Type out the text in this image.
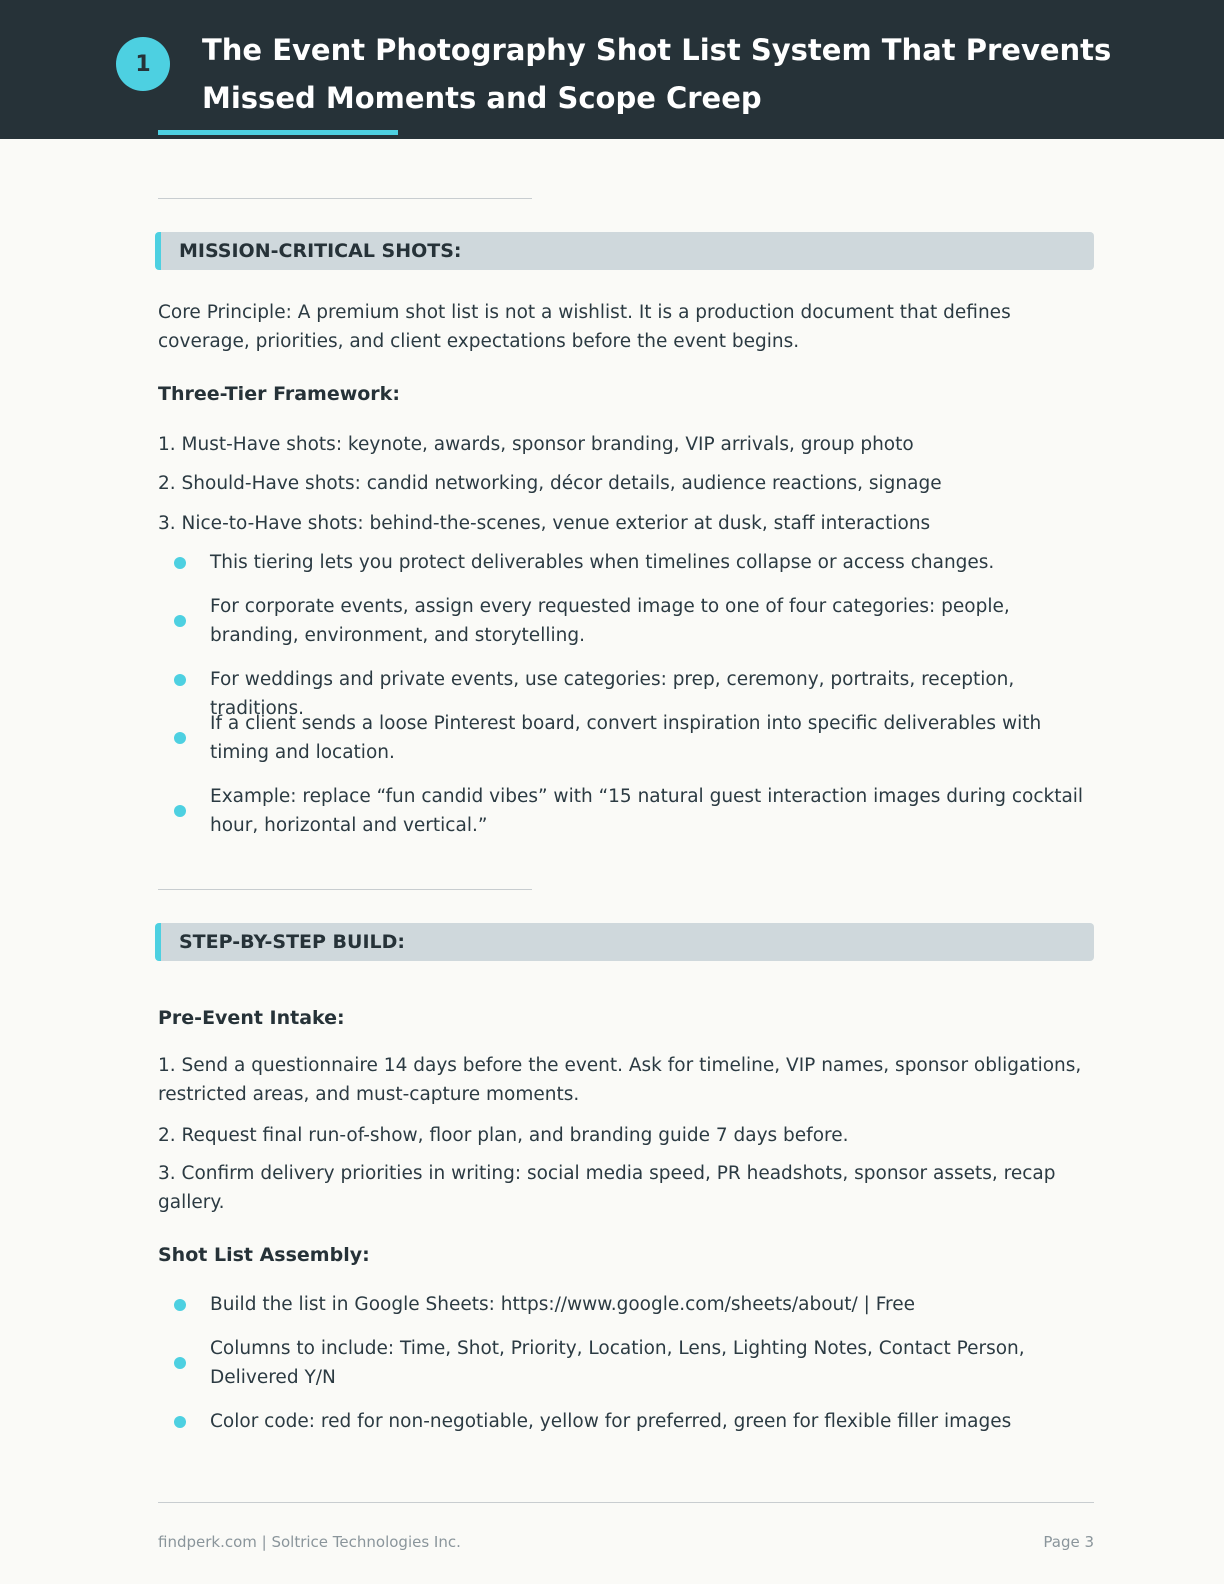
1	The Event Photography Shot List System That Prevents Missed Moments and Scope Creep
MISSION-CRITICAL SHOTS:

Core Principle: A premium shot list is not a wishlist. It is a production document that defines coverage, priorities, and client expectations before the event begins.

Three-Tier Framework:

1. Must-Have shots: keynote, awards, sponsor branding, VIP arrivals, group photo

2. Should-Have shots: candid networking, décor details, audience reactions, signage

3. Nice-to-Have shots: behind-the-scenes, venue exterior at dusk, staff interactions

This tiering lets you protect deliverables when timelines collapse or access changes.
For corporate events, assign every requested image to one of four categories: people, branding, environment, and storytelling.
For weddings and private events, use categories: prep, ceremony, portraits, reception, traditions.
If a client sends a loose Pinterest board, convert inspiration into specific deliverables with timing and location.
Example: replace “fun candid vibes” with “15 natural guest interaction images during cocktail hour, horizontal and vertical.”
STEP-BY-STEP BUILD:
Pre-Event Intake:

1. Send a questionnaire 14 days before the event. Ask for timeline, VIP names, sponsor obligations, restricted areas, and must-capture moments.

2. Request final run-of-show, floor plan, and branding guide 7 days before.

3. Confirm delivery priorities in writing: social media speed, PR headshots, sponsor assets, recap gallery.

Shot List Assembly:
Build the list in Google Sheets: https://www.google.com/sheets/about/ | Free
Columns to include: Time, Shot, Priority, Location, Lens, Lighting Notes, Contact Person, Delivered Y/N
Color code: red for non-negotiable, yellow for preferred, green for flexible filler images
findperk.com | Soltrice Technologies Inc.	Page 3
